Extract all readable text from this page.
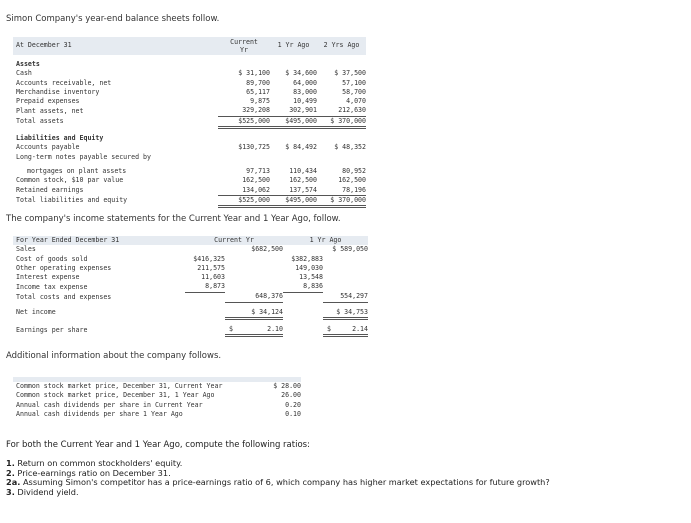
Simon Company's year-end balance sheets follow.
At December 31	Current
Yr	1 Yr Ago	2 Yrs Ago

Assets			
Cash	$ 31,100	$ 34,600	$ 37,500
Accounts receivable, net	89,700	64,000	57,100
Merchandise inventory	65,117	83,000	58,700
Prepaid expenses	9,875	10,499	4,070
Plant assets, net	329,208	302,901	212,630
Total assets	$525,000	$495,000	$ 370,000

Liabilities and Equity			
Accounts payable	$130,725	$ 84,492	$ 48,352
Long-term notes payable secured by			

mortgages on plant assets	97,713	110,434	80,952
Common stock, $10 par value	162,500	162,500	162,500
Retained earnings	134,062	137,574	78,196
Total liabilities and equity	$525,000	$495,000	$ 370,000
The company's income statements for the Current Year and 1 Year Ago, follow.
For Year Ended December 31	Current Yr		1 Yr Ago	
Sales		$682,500		$ 589,050
Cost of goods sold	$416,325		$382,883	
Other operating expenses	211,575		149,030	
Interest expense	11,603		13,548	
Income tax expense	8,873		8,836	
Total costs and expenses		648,376		554,297

Net income		$ 34,124		$ 34,753

Earnings per share		$ 2.10		$ 2.14
Additional information about the company follows.

Common stock market price, December 31, Current Year	$ 28.00
Common stock market price, December 31, 1 Year Ago	26.00
Annual cash dividends per share in Current Year	0.20
Annual cash dividends per share 1 Year Ago	0.10
For both the Current Year and 1 Year Ago, compute the following ratios:
1. Return on common stockholders' equity.
2. Price-earnings ratio on December 31.
2a. Assuming Simon's competitor has a price-earnings ratio of 6, which company has higher market expectations for future growth?
3. Dividend yield.
